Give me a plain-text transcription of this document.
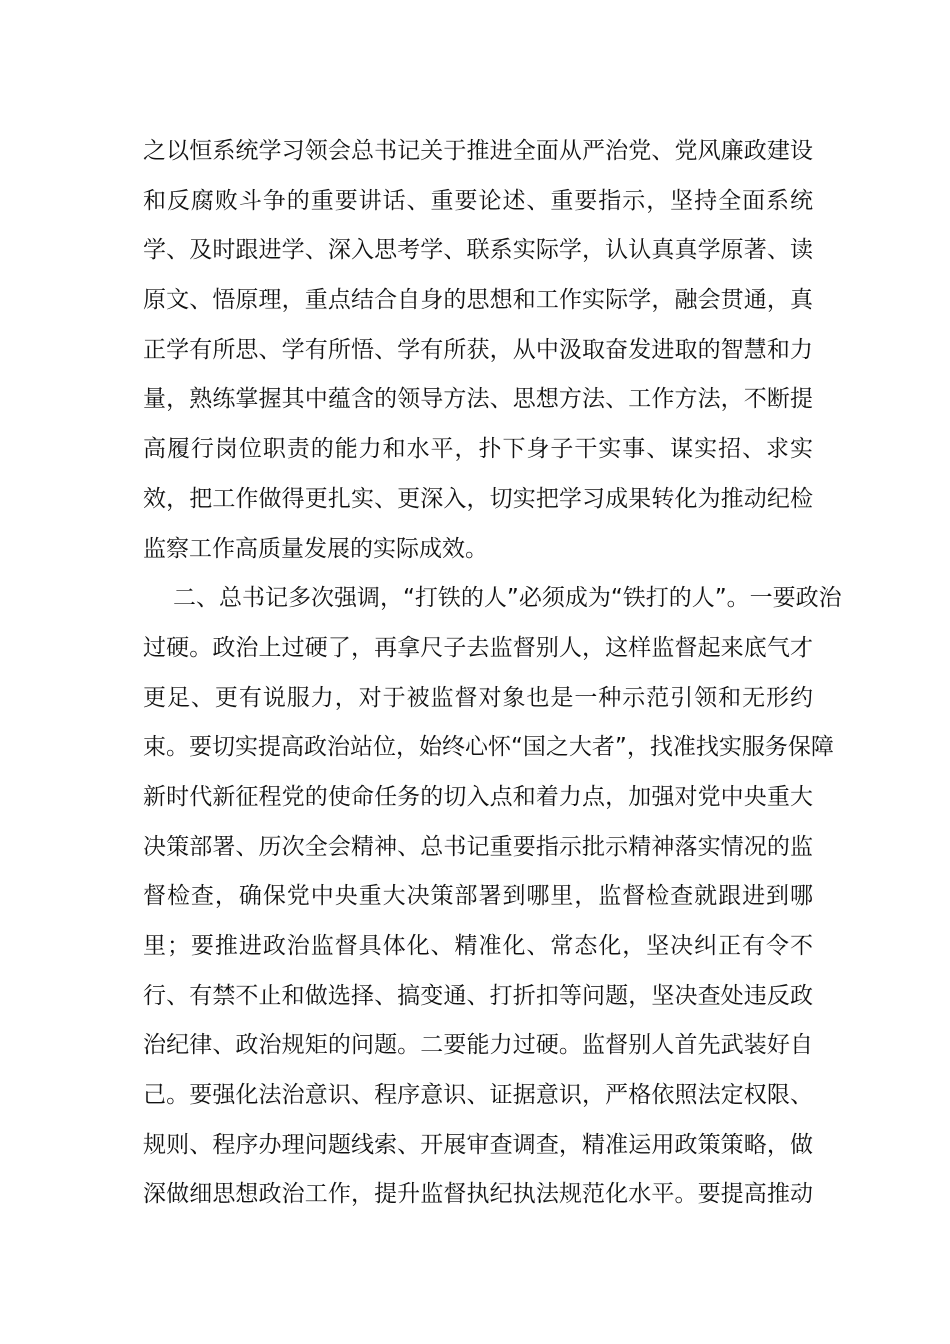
之以恒系统学习领会总书记关于推进全面从严治党、党风廉政建设
和反腐败斗争的重要讲话、重要论述、重要指示，坚持全面系统
学、及时跟进学、深入思考学、联系实际学，认认真真学原著、读
原文、悟原理，重点结合自身的思想和工作实际学，融会贯通，真
正学有所思、学有所悟、学有所获，从中汲取奋发进取的智慧和力
量，熟练掌握其中蕴含的领导方法、思想方法、工作方法，不断提
高履行岗位职责的能力和水平，扑下身子干实事、谋实招、求实
效，把工作做得更扎实、更深入，切实把学习成果转化为推动纪检
监察工作高质量发展的实际成效。
二、总书记多次强调，“打铁的人”必须成为“铁打的人”。一要政治
过硬。政治上过硬了，再拿尺子去监督别人，这样监督起来底气才
更足、更有说服力，对于被监督对象也是一种示范引领和无形约
束。要切实提高政治站位，始终心怀“国之大者”，找准找实服务保障
新时代新征程党的使命任务的切入点和着力点，加强对党中央重大
决策部署、历次全会精神、总书记重要指示批示精神落实情况的监
督检查，确保党中央重大决策部署到哪里，监督检查就跟进到哪
里；要推进政治监督具体化、精准化、常态化，坚决纠正有令不
行、有禁不止和做选择、搞变通、打折扣等问题，坚决查处违反政
治纪律、政治规矩的问题。二要能力过硬。监督别人首先武装好自
己。要强化法治意识、程序意识、证据意识，严格依照法定权限、
规则、程序办理问题线索、开展审查调查，精准运用政策策略，做
深做细思想政治工作，提升监督执纪执法规范化水平。要提高推动
